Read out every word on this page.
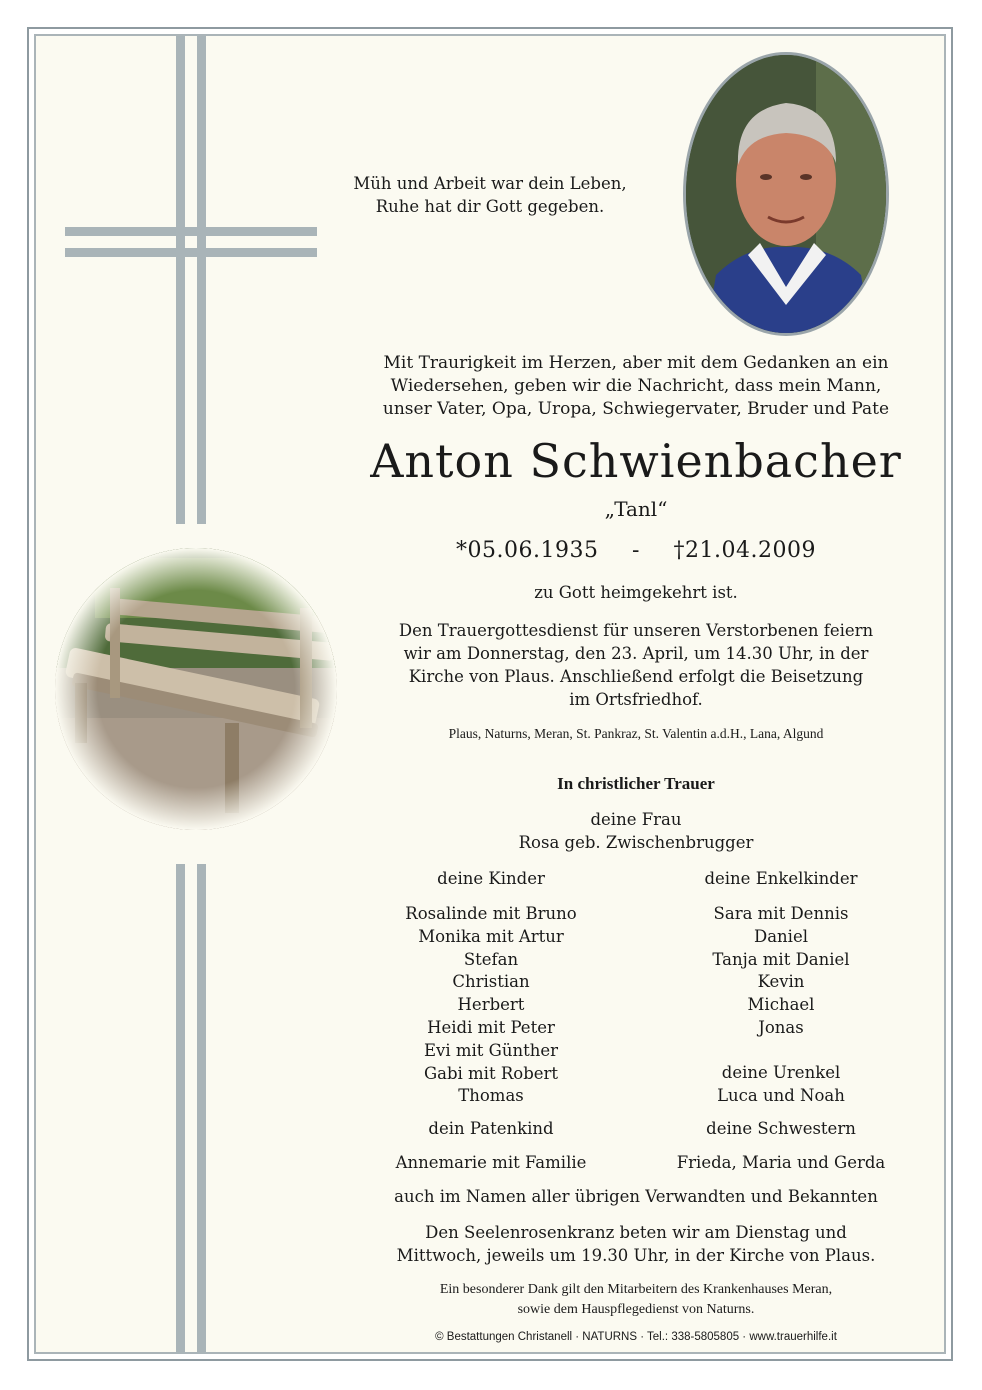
Müh und Arbeit war dein Leben,
Ruhe hat dir Gott gegeben.
Mit Traurigkeit im Herzen, aber mit dem Gedanken an ein
Wiedersehen, geben wir die Nachricht, dass mein Mann,
unser Vater, Opa, Uropa, Schwiegervater, Bruder und Pate
Anton Schwienbacher
„Tanl“
*05.06.1935 - †21.04.2009
zu Gott heimgekehrt ist.
Den Trauergottesdienst für unseren Verstorbenen feiern
wir am Donnerstag, den 23. April, um 14.30 Uhr, in der
Kirche von Plaus. Anschließend erfolgt die Beisetzung
im Ortsfriedhof.
Plaus, Naturns, Meran, St. Pankraz, St. Valentin a.d.H., Lana, Algund
In christlicher Trauer
deine Frau
Rosa geb. Zwischenbrugger
deine Kinder
Rosalinde mit Bruno
Monika mit Artur
Stefan
Christian
Herbert
Heidi mit Peter
Evi mit Günther
Gabi mit Robert
Thomas
dein Patenkind
Annemarie mit Familie
deine Enkelkinder
Sara mit Dennis
Daniel
Tanja mit Daniel
Kevin
Michael
Jonas
deine Urenkel
Luca und Noah
deine Schwestern
Frieda, Maria und Gerda
auch im Namen aller übrigen Verwandten und Bekannten
Den Seelenrosenkranz beten wir am Dienstag und
Mittwoch, jeweils um 19.30 Uhr, in der Kirche von Plaus.
Ein besonderer Dank gilt den Mitarbeitern des Krankenhauses Meran,
sowie dem Hauspflegedienst von Naturns.
© Bestattungen Christanell · NATURNS · Tel.: 338-5805805 · www.trauerhilfe.it
